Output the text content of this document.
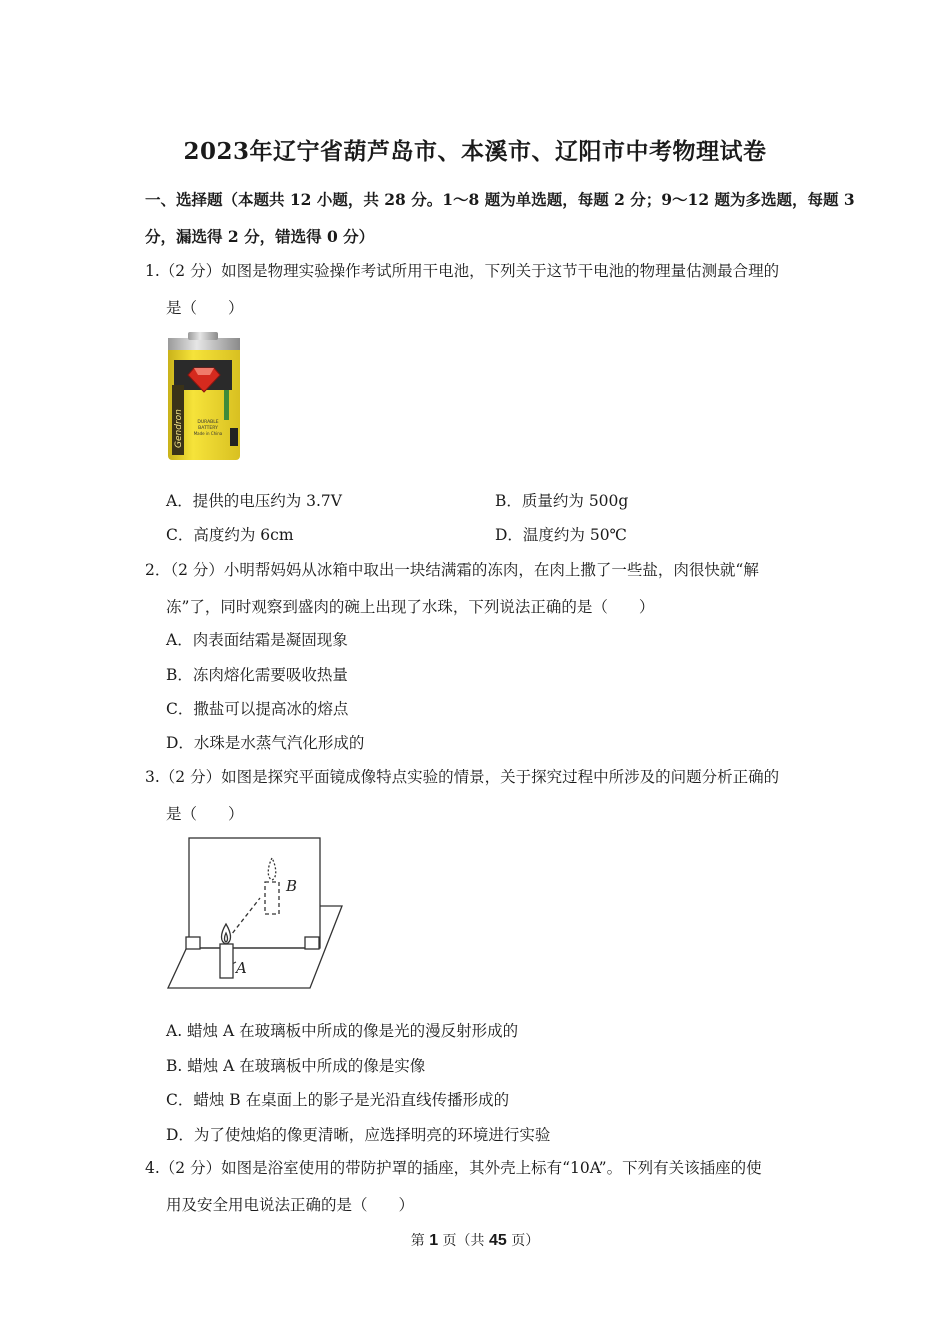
2023年辽宁省葫芦岛市、本溪市、辽阳市中考物理试卷
一、选择题（本题共 12 小题，共 28 分。1～8 题为单选题，每题 2 分；9～12 题为多选题，每题 3
分，漏选得 2 分，错选得 0 分）
1.（2 分）如图是物理实验操作考试所用干电池，下列关于这节干电池的物理量估测最合理的
是（　　）
Gendron	DURABLE
BATTERY
Made in China
A．提供的电压约为 3.7V	B．质量约为 500g
C．高度约为 6cm	D．温度约为 50℃
2．（2 分）小明帮妈妈从冰箱中取出一块结满霜的冻肉，在肉上撒了一些盐，肉很快就“解
冻”了，同时观察到盛肉的碗上出现了水珠，下列说法正确的是（　　）
A．肉表面结霜是凝固现象
B．冻肉熔化需要吸收热量
C．撒盐可以提高冰的熔点
D．水珠是水蒸气汽化形成的
3.（2 分）如图是探究平面镜成像特点实验的情景，关于探究过程中所涉及的问题分析正确的
是（　　）
A
B
A. 蜡烛 A 在玻璃板中所成的像是光的漫反射形成的
B. 蜡烛 A 在玻璃板中所成的像是实像
C．蜡烛 B 在桌面上的影子是光沿直线传播形成的
D．为了使烛焰的像更清晰，应选择明亮的环境进行实验
4.（2 分）如图是浴室使用的带防护罩的插座，其外壳上标有“10A”。下列有关该插座的使
用及安全用电说法正确的是（　　）
第 1 页（共 45 页）
